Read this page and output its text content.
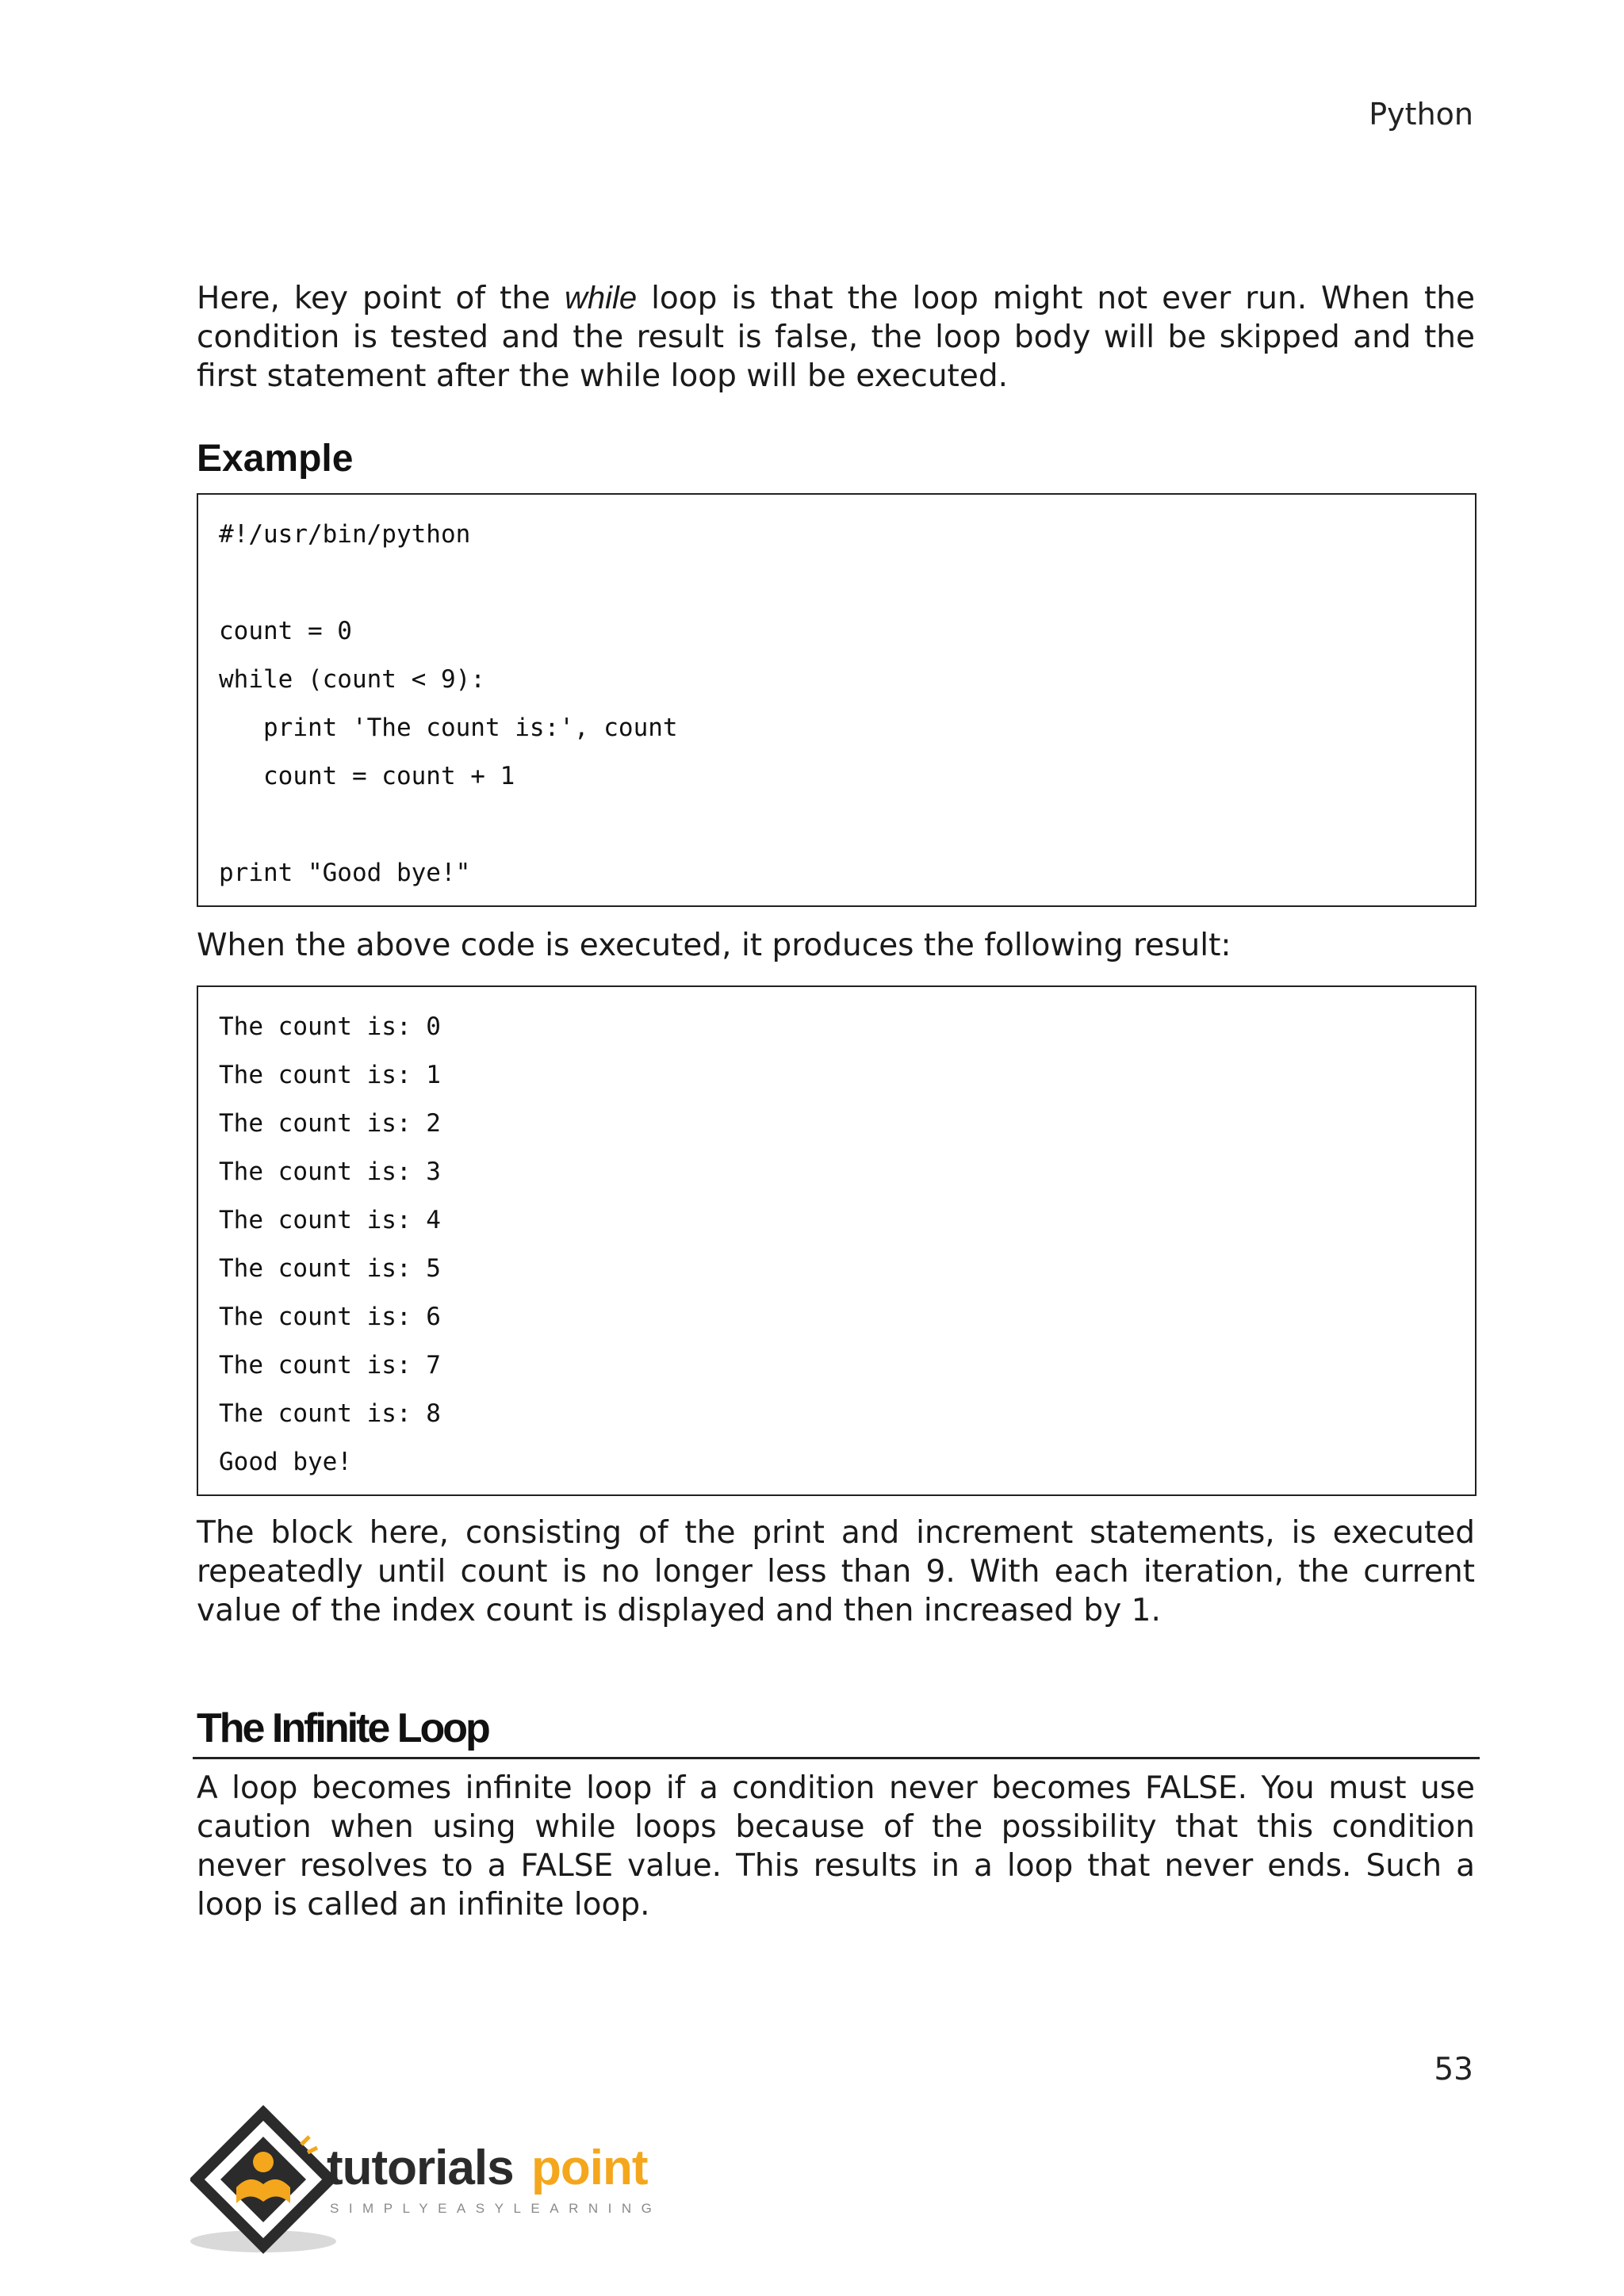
Python

Here, key point of the while loop is that the loop might not ever run. When the condition is tested and the result is false, the loop body will be skipped and the first statement after the while loop will be executed.

Example
#!/usr/bin/python
count = 0
while (count < 9):
print 'The count is:', count
count = count + 1
print "Good bye!"

When the above code is executed, it produces the following result:

The count is: 0
The count is: 1
The count is: 2
The count is: 3
The count is: 4
The count is: 5
The count is: 6
The count is: 7
The count is: 8
Good bye!

The block here, consisting of the print and increment statements, is executed repeatedly until count is no longer less than 9. With each iteration, the current value of the index count is displayed and then increased by 1.

The Infinite Loop

A loop becomes infinite loop if a condition never becomes FALSE. You must use caution when using while loops because of the possibility that this condition never resolves to a FALSE value. This results in a loop that never ends. Such a loop is called an infinite loop.

53
tutorials point
SIMPLYEASYLEARNING
